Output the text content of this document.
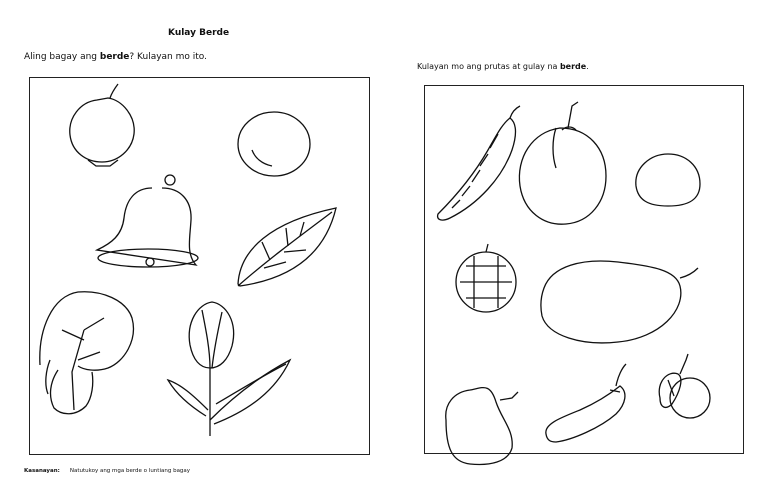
Kulay Berde
Aling bagay ang berde? Kulayan mo ito.
Kulayan mo ang prutas at gulay na berde.
Kasanayan: Natutukoy ang mga berde o luntiang bagay
